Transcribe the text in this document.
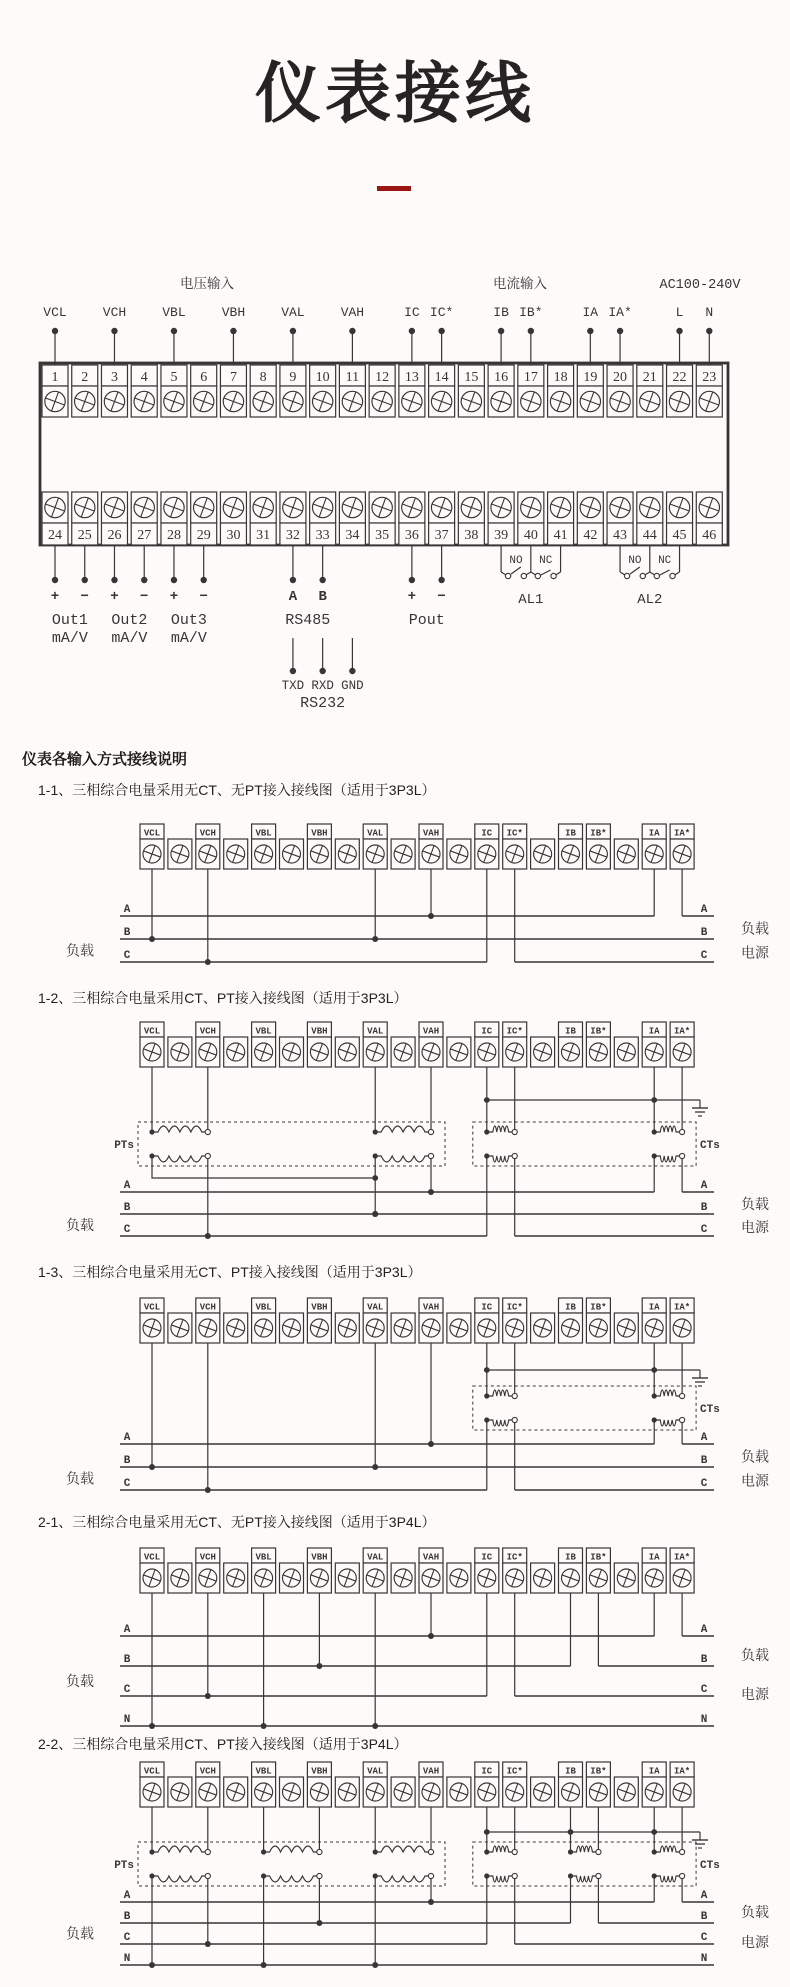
仪表接线
电压输入	电流输入	AC100-240V
VCL	VCH	VBL	VBH	VAL	VAH	IC IC*	IB IB*	IA IA*	L N
1 2 3 4 5 6 7 8 9 10 11 12 13 14 15 16 17 18 19 20 21 22 23
24 25 26 27 28 29 30 31 32 33 34 35 36 37 38 39 40 41 42 43 44 45 46
+ − + − + −	A B	+ −
Out1
mA/V
Out2
mA/V
Out3
mA/V
RS485	Pout
NO NC
AL1
NO NC
AL2
TXD RXD GND
RS232
仪表各输入方式接线说明
1-1、三相综合电量采用无CT、无PT接入接线图（适用于3P3L）
VCL	VCH	VBL	VBH	VAL	VAH	IC IC*	IB IB*	IA IA*
A	A
B	B
C	C
负载
负载
电源
1-2、三相综合电量采用CT、PT接入接线图（适用于3P3L）
VCL	VCH	VBL	VBH	VAL	VAH	IC IC*	IB IB*	IA IA*
A	A
B	B
C	C
CTs
PTs
负载
负载
电源
1-3、三相综合电量采用无CT、PT接入接线图（适用于3P3L）
VCL	VCH	VBL	VBH	VAL	VAH	IC IC*	IB IB*	IA IA*
A	A
B	B
C	C
CTs
负载
负载
电源
2-1、三相综合电量采用无CT、无PT接入接线图（适用于3P4L）
VCL	VCH	VBL	VBH	VAL	VAH	IC IC*	IB IB*	IA IA*
A	A
B	B
C	C
N	N
负载
负载
电源
2-2、三相综合电量采用CT、PT接入接线图（适用于3P4L）
VCL	VCH	VBL	VBH	VAL	VAH	IC IC*	IB IB*	IA IA*
A	A
B	B
C	C
N	N
CTs
PTs
负载
负载
电源
